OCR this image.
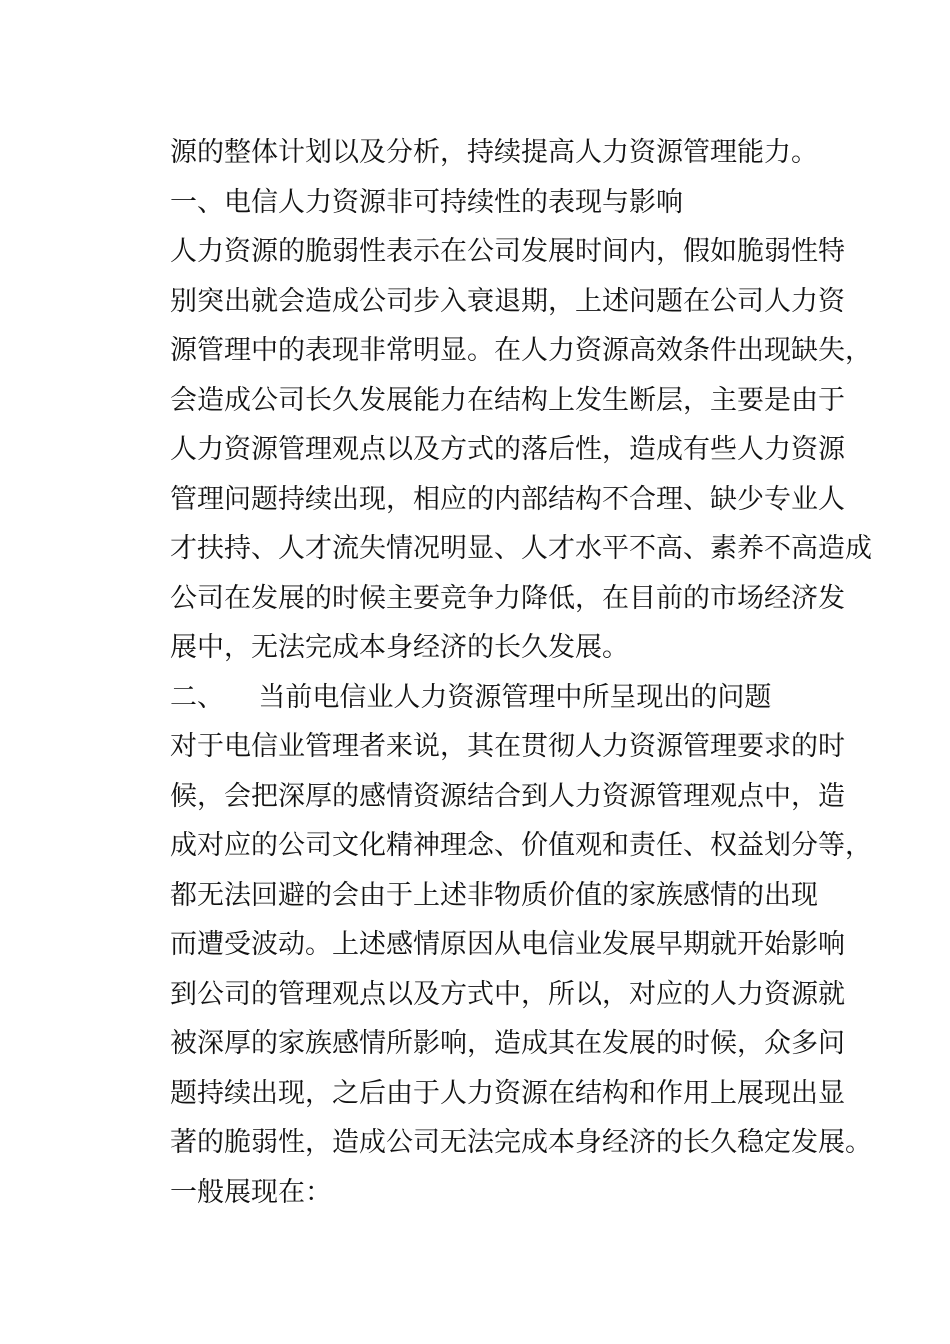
源的整体计划以及分析，持续提高人力资源管理能力。
一、电信人力资源非可持续性的表现与影响
人力资源的脆弱性表示在公司发展时间内，假如脆弱性特
别突出就会造成公司步入衰退期，上述问题在公司人力资
源管理中的表现非常明显。在人力资源高效条件出现缺失，
会造成公司长久发展能力在结构上发生断层，主要是由于
人力资源管理观点以及方式的落后性，造成有些人力资源
管理问题持续出现，相应的内部结构不合理、缺少专业人
才扶持、人才流失情况明显、人才水平不高、素养不高造成
公司在发展的时候主要竞争力降低，在目前的市场经济发
展中，无法完成本身经济的长久发展。
二、    当前电信业人力资源管理中所呈现出的问题
对于电信业管理者来说，其在贯彻人力资源管理要求的时
候，会把深厚的感情资源结合到人力资源管理观点中，造
成对应的公司文化精神理念、价值观和责任、权益划分等，
都无法回避的会由于上述非物质价值的家族感情的出现
而遭受波动。上述感情原因从电信业发展早期就开始影响
到公司的管理观点以及方式中，所以，对应的人力资源就
被深厚的家族感情所影响，造成其在发展的时候，众多问
题持续出现，之后由于人力资源在结构和作用上展现出显
著的脆弱性，造成公司无法完成本身经济的长久稳定发展。
一般展现在：
